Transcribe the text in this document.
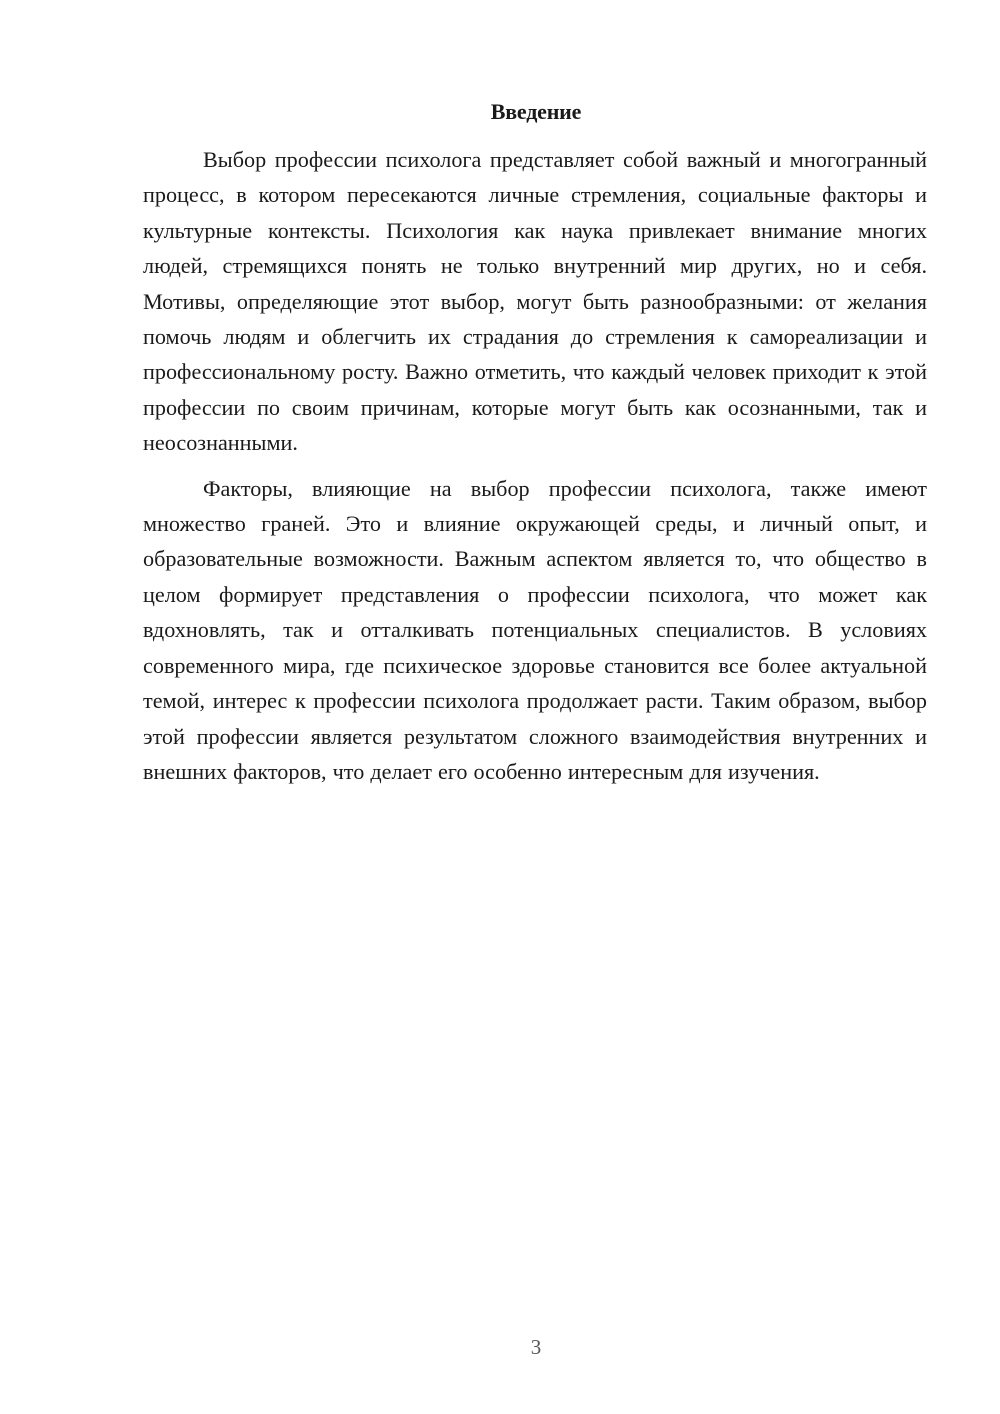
Введение

Выбор профессии психолога представляет собой важный и многогранный процесс, в котором пересекаются личные стремления, социальные факторы и культурные контексты. Психология как наука привлекает внимание многих людей, стремящихся понять не только внутренний мир других, но и себя. Мотивы, определяющие этот выбор, могут быть разнообразными: от желания помочь людям и облегчить их страдания до стремления к самореализации и профессиональному росту. Важно отметить, что каждый человек приходит к этой профессии по своим причинам, которые могут быть как осознанными, так и неосознанными.

Факторы, влияющие на выбор профессии психолога, также имеют множество граней. Это и влияние окружающей среды, и личный опыт, и образовательные возможности. Важным аспектом является то, что общество в целом формирует представления о профессии психолога, что может как вдохновлять, так и отталкивать потенциальных специалистов. В условиях современного мира, где психическое здоровье становится все более актуальной темой, интерес к профессии психолога продолжает расти. Таким образом, выбор этой профессии является результатом сложного взаимодействия внутренних и внешних факторов, что делает его особенно интересным для изучения.

3
